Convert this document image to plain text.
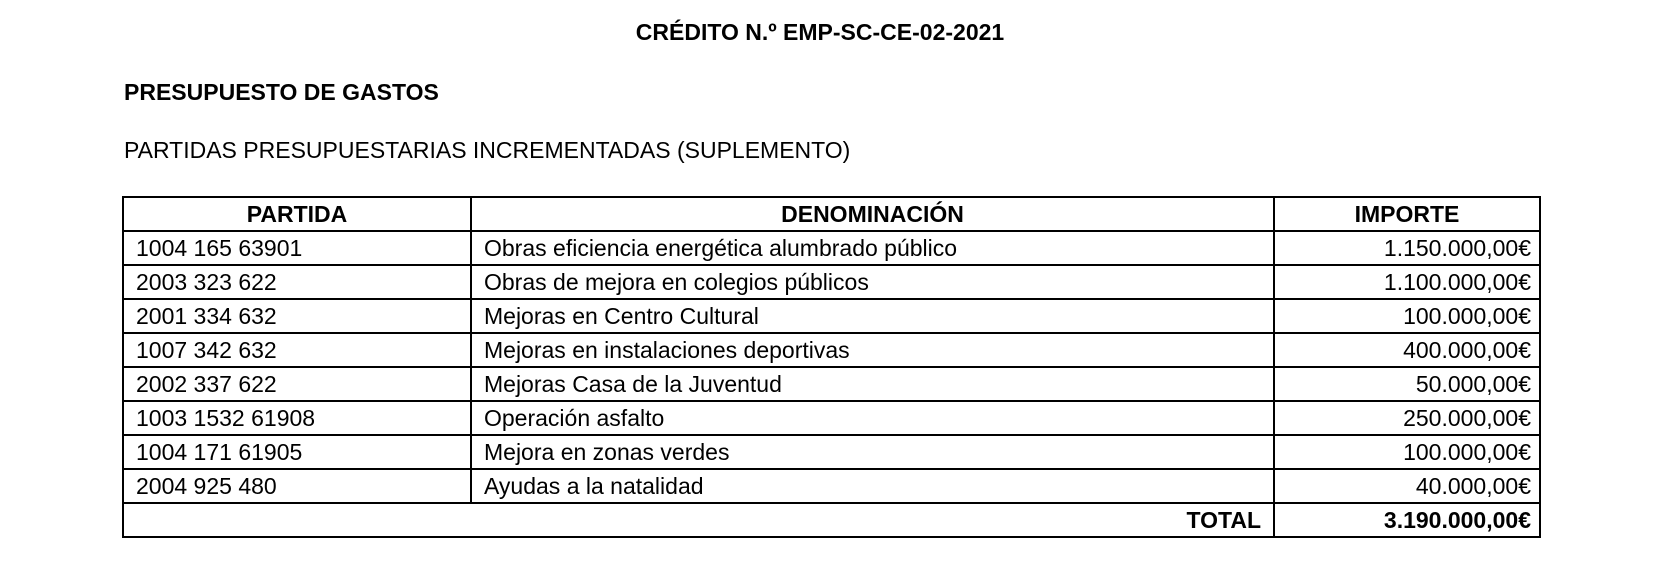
CRÉDITO N.º EMP-SC-CE-02-2021
PRESUPUESTO DE GASTOS
PARTIDAS PRESUPUESTARIAS INCREMENTADAS (SUPLEMENTO)
PARTIDA	DENOMINACIÓN	IMPORTE
1004 165 63901	Obras eficiencia energética alumbrado público	1.150.000,00€
2003 323 622	Obras de mejora en colegios públicos	1.100.000,00€
2001 334 632	Mejoras en Centro Cultural	100.000,00€
1007 342 632	Mejoras en instalaciones deportivas	400.000,00€
2002 337 622	Mejoras Casa de la Juventud	50.000,00€
1003 1532 61908	Operación asfalto	250.000,00€
1004 171 61905	Mejora en zonas verdes	100.000,00€
2004 925 480	Ayudas a la natalidad	40.000,00€
TOTAL		3.190.000,00€
